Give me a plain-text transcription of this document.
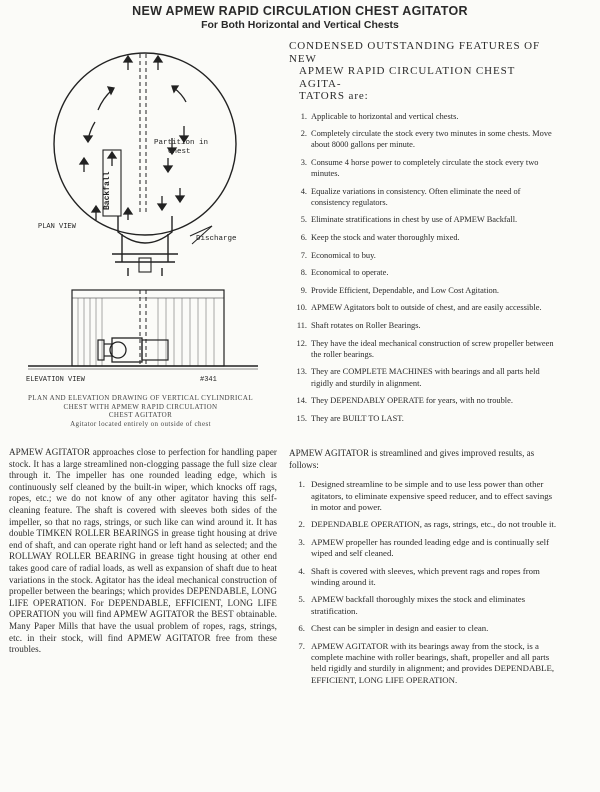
NEW APMEW RAPID CIRCULATION CHEST AGITATOR
For Both Horizontal and Vertical Chests
Partition in
Chest
Backfall
PLAN VIEW
Discharge
ELEVATION VIEW	#341
PLAN AND ELEVATION DRAWING OF VERTICAL CYLINDRICAL
CHEST WITH APMEW RAPID CIRCULATION
CHEST AGITATOR
Agitator located entirely on outside of chest
CONDENSED OUTSTANDING FEATURES OF NEW
APMEW RAPID CIRCULATION CHEST AGITA-
TATORS are:
1. Applicable to horizontal and vertical chests.
2. Completely circulate the stock every two minutes in some chests. Move about 8000 gallons per minute.
3. Consume 4 horse power to completely circulate the stock every two minutes.
4. Equalize variations in consistency. Often eliminate the need of consistency regulators.
5. Eliminate stratifications in chest by use of APMEW Backfall.
6. Keep the stock and water thoroughly mixed.
7. Economical to buy.
8. Economical to operate.
9. Provide Efficient, Dependable, and Low Cost Agitation.
10. APMEW Agitators bolt to outside of chest, and are easily accessible.
11. Shaft rotates on Roller Bearings.
12. They have the ideal mechanical construction of screw propeller between the roller bearings.
13. They are COMPLETE MACHINES with bearings and all parts held rigidly and sturdily in alignment.
14. They DEPENDABLY OPERATE for years, with no trouble.
15. They are BUILT TO LAST.
APMEW AGITATOR approaches close to perfection for handling paper stock. It has a large streamlined non-clogging passage the full size clear through it. The impeller has one rounded leading edge, which is continuously self cleaned by the built-in wiper, which knocks off rags, ropes, etc.; we do not know of any other agitator having this self-cleaning feature. The shaft is covered with sleeves both sides of the impeller, so that no rags, strings, or such like can wind around it. It has double TIMKEN ROLLER BEARINGS in grease tight housing at drive end of shaft, and can operate right hand or left hand as selected; and the ROLLWAY ROLLER BEARING in grease tight housing at other end takes good care of radial loads, as well as expansion of shaft due to heat variations in the stock. Agitator has the ideal mechanical construction of propeller between the bearings; which provides DEPENDABLE, LONG LIFE OPERATION. For DEPENDABLE, EFFICIENT, LONG LIFE OPERATION you will find APMEW AGITATOR the BEST obtainable. Many Paper Mills that have the usual problem of ropes, rags, strings, etc. in their stock, will find APMEW AGITATOR free from these troubles.

APMEW AGITATOR is streamlined and gives improved results, as follows:

1. Designed streamline to be simple and to use less power than other agitators, to eliminate expensive speed reducer, and to effect savings in motor and power.
2. DEPENDABLE OPERATION, as rags, strings, etc., do not trouble it.
3. APMEW propeller has rounded leading edge and is continually self wiped and self cleaned.
4. Shaft is covered with sleeves, which prevent rags and ropes from winding around it.
5. APMEW backfall thoroughly mixes the stock and eliminates stratification.
6. Chest can be simpler in design and easier to clean.
7. APMEW AGITATOR with its bearings away from the stock, is a complete machine with roller bearings, shaft, propeller and all parts held rigidly and sturdily in alignment; and provides DEPENDABLE, EFFICIENT, LONG LIFE OPERATION.
